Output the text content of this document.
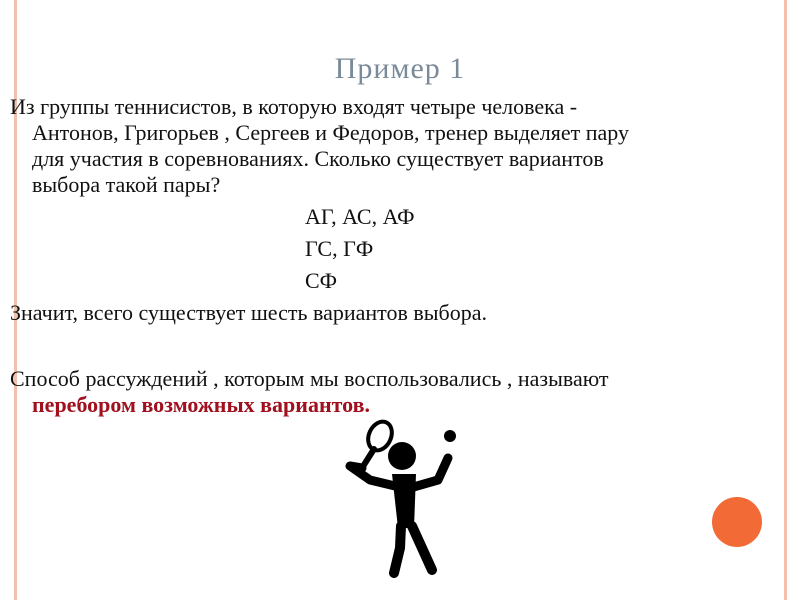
Пример 1
Из группы теннисистов, в которую входят четыре человека -
Антонов, Григорьев , Сергеев и Федоров, тренер выделяет пару
для участия в соревнованиях. Сколько существует вариантов
выбора такой пары?
АГ, АС, АФ
ГС, ГФ
СФ
Значит, всего существует шесть вариантов выбора.
Способ рассуждений , которым мы воспользовались , называют
перебором возможных вариантов.
